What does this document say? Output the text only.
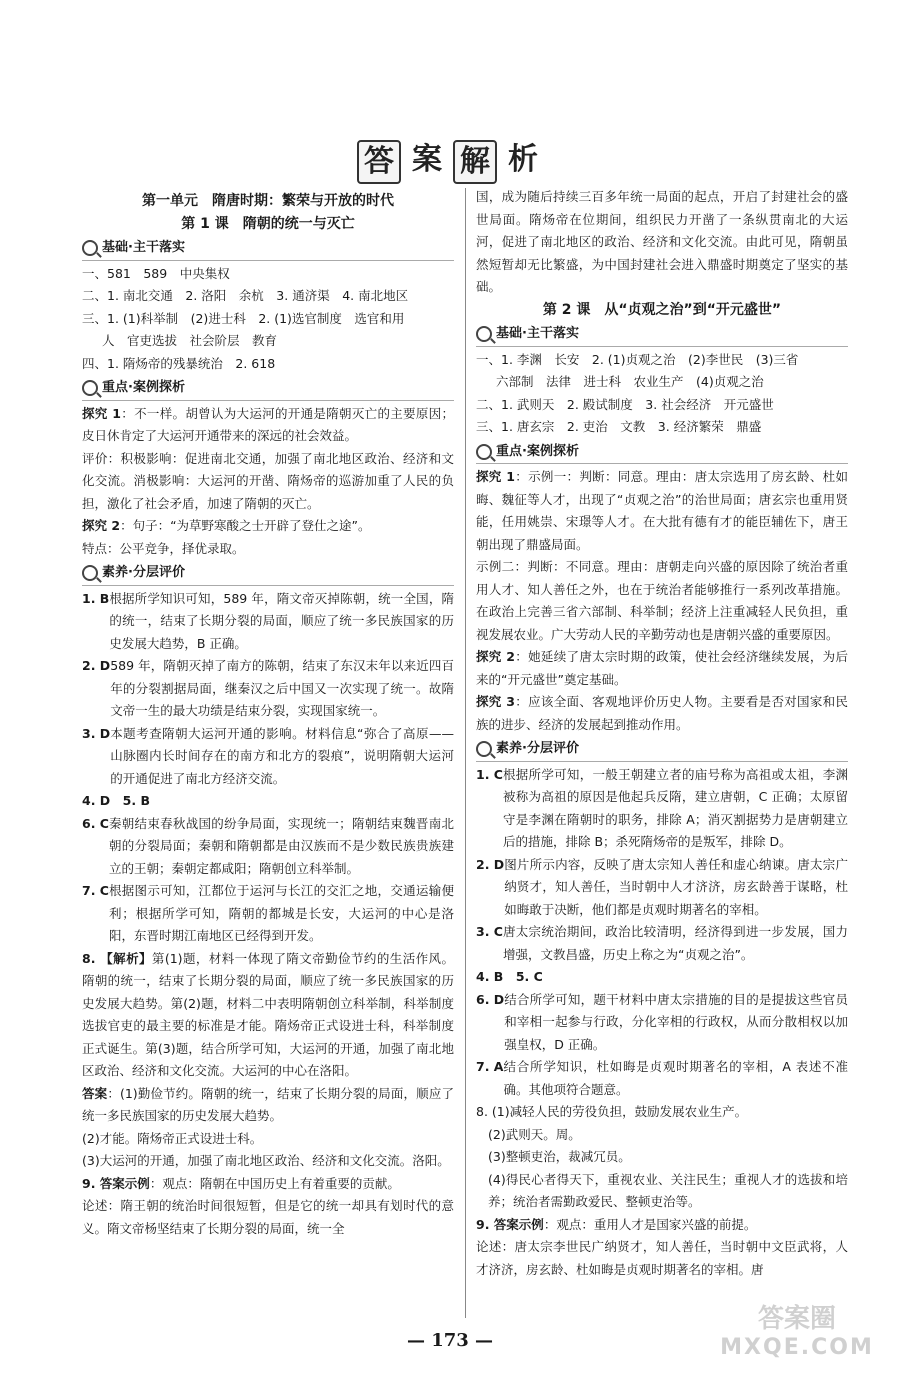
答 案 解 析

第一单元　隋唐时期：繁荣与开放的时代

第 1 课　隋朝的统一与灭亡

基础·主干落实

一、581　589　中央集权

二、1. 南北交通　2. 洛阳　余杭　3. 通济渠　4. 南北地区

三、1. (1)科举制　(2)进士科　2. (1)选官制度　选官和用

人　官吏选拔　社会阶层　教育

四、1. 隋炀帝的残暴统治　2. 618

重点·案例探析

探究 1：不一样。胡曾认为大运河的开通是隋朝灭亡的主要原因；皮日休肯定了大运河开通带来的深远的社会效益。

评价：积极影响：促进南北交通，加强了南北地区政治、经济和文化交流。消极影响：大运河的开凿、隋炀帝的巡游加重了人民的负担，激化了社会矛盾，加速了隋朝的灭亡。

探究 2：句子：“为草野寒酸之士开辟了登仕之途”。

特点：公平竞争，择优录取。

素养·分层评价
1. B 根据所学知识可知，589 年，隋文帝灭掉陈朝，统一全国，隋的统一，结束了长期分裂的局面，顺应了统一多民族国家的历史发展大趋势，B 正确。
2. D 589 年，隋朝灭掉了南方的陈朝，结束了东汉末年以来近四百年的分裂割据局面，继秦汉之后中国又一次实现了统一。故隋文帝一生的最大功绩是结束分裂，实现国家统一。
3. D 本题考查隋朝大运河开通的影响。材料信息“弥合了高原——山脉圈内长时间存在的南方和北方的裂痕”，说明隋朝大运河的开通促进了南北方经济交流。

4. D　5. B

6. C 秦朝结束春秋战国的纷争局面，实现统一；隋朝结束魏晋南北朝的分裂局面；秦朝和隋朝都是由汉族而不是少数民族贵族建立的王朝；秦朝定都咸阳；隋朝创立科举制。
7. C 根据图示可知，江都位于运河与长江的交汇之地，交通运输便利；根据所学可知，隋朝的都城是长安，大运河的中心是洛阳，东晋时期江南地区已经得到开发。

8. 【解析】第(1)题，材料一体现了隋文帝勤俭节约的生活作风。隋朝的统一，结束了长期分裂的局面，顺应了统一多民族国家的历史发展大趋势。第(2)题，材料二中表明隋朝创立科举制，科举制度选拔官吏的最主要的标准是才能。隋炀帝正式设进士科，科举制度正式诞生。第(3)题，结合所学可知，大运河的开通，加强了南北地区政治、经济和文化交流。大运河的中心在洛阳。

答案：(1)勤俭节约。隋朝的统一，结束了长期分裂的局面，顺应了统一多民族国家的历史发展大趋势。

(2)才能。隋炀帝正式设进士科。

(3)大运河的开通，加强了南北地区政治、经济和文化交流。洛阳。

9. 答案示例：观点：隋朝在中国历史上有着重要的贡献。

论述：隋王朝的统治时间很短暂，但是它的统一却具有划时代的意义。隋文帝杨坚结束了长期分裂的局面，统一全

国，成为随后持续三百多年统一局面的起点，开启了封建社会的盛世局面。隋炀帝在位期间，组织民力开凿了一条纵贯南北的大运河，促进了南北地区的政治、经济和文化交流。由此可见，隋朝虽然短暂却无比繁盛，为中国封建社会进入鼎盛时期奠定了坚实的基础。

第 2 课　从“贞观之治”到“开元盛世”

基础·主干落实

一、1. 李渊　长安　2. (1)贞观之治　(2)李世民　(3)三省

六部制　法律　进士科　农业生产　(4)贞观之治

二、1. 武则天　2. 殿试制度　3. 社会经济　开元盛世

三、1. 唐玄宗　2. 吏治　文教　3. 经济繁荣　鼎盛

重点·案例探析

探究 1：示例一：判断：同意。理由：唐太宗选用了房玄龄、杜如晦、魏征等人才，出现了“贞观之治”的治世局面；唐玄宗也重用贤能，任用姚崇、宋璟等人才。在大批有德有才的能臣辅佐下，唐王朝出现了鼎盛局面。

示例二：判断：不同意。理由：唐朝走向兴盛的原因除了统治者重用人才、知人善任之外，也在于统治者能够推行一系列改革措施。在政治上完善三省六部制、科举制；经济上注重减轻人民负担，重视发展农业。广大劳动人民的辛勤劳动也是唐朝兴盛的重要原因。

探究 2：她延续了唐太宗时期的政策，使社会经济继续发展，为后来的“开元盛世”奠定基础。

探究 3：应该全面、客观地评价历史人物。主要看是否对国家和民族的进步、经济的发展起到推动作用。

素养·分层评价
1. C 根据所学可知，一般王朝建立者的庙号称为高祖或太祖，李渊被称为高祖的原因是他起兵反隋，建立唐朝，C 正确；太原留守是李渊在隋朝时的职务，排除 A；消灭割据势力是唐朝建立后的措施，排除 B；杀死隋炀帝的是叛军，排除 D。
2. D 图片所示内容，反映了唐太宗知人善任和虚心纳谏。唐太宗广纳贤才，知人善任，当时朝中人才济济，房玄龄善于谋略，杜如晦敢于决断，他们都是贞观时期著名的宰相。
3. C 唐太宗统治期间，政治比较清明，经济得到进一步发展，国力增强，文教昌盛，历史上称之为“贞观之治”。

4. B　5. C

6. D 结合所学可知，题干材料中唐太宗措施的目的是提拔这些官员和宰相一起参与行政，分化宰相的行政权，从而分散相权以加强皇权，D 正确。
7. A 结合所学知识，杜如晦是贞观时期著名的宰相，A 表述不准确。其他项符合题意。

8. (1)减轻人民的劳役负担，鼓励发展农业生产。

(2)武则天。周。

(3)整顿吏治，裁减冗员。

(4)得民心者得天下，重视农业、关注民生；重视人才的选拔和培养；统治者需勤政爱民、整顿吏治等。

9. 答案示例：观点：重用人才是国家兴盛的前提。

论述：唐太宗李世民广纳贤才，知人善任，当时朝中文臣武将，人才济济，房玄龄、杜如晦是贞观时期著名的宰相。唐

— 173 —
答案圈
MXQE.COM
